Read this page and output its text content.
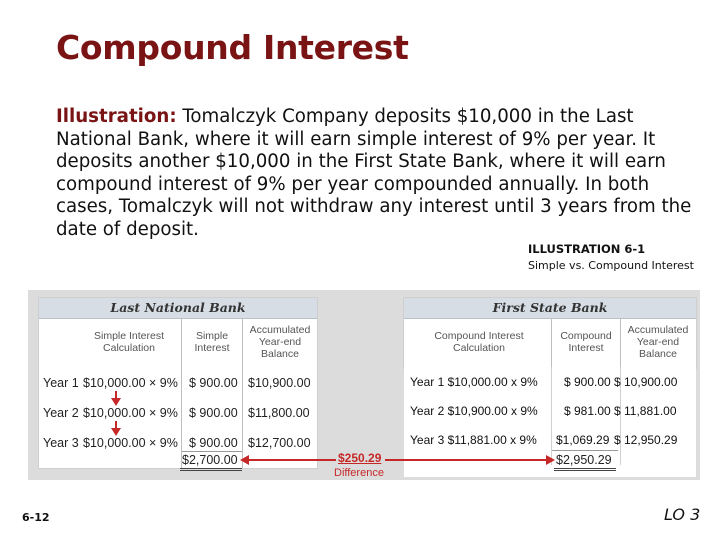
Compound Interest
Illustration: Tomalczyk Company deposits $10,000 in the Last National Bank, where it will earn simple interest of 9% per year. It deposits another $10,000 in the First State Bank, where it will earn compound interest of 9% per year compounded annually. In both cases, Tomalczyk will not withdraw any interest until 3 years from the date of deposit.
ILLUSTRATION 6-1
Simple vs. Compound Interest
Last National Bank
Simple Interest
Calculation
Simple
Interest
Accumulated
Year-end
Balance
Year 1 $10,000.00 × 9% $ 900.00 $10,900.00
Year 2 $10,000.00 × 9% $ 900.00 $11,800.00
Year 3 $10,000.00 × 9% $ 900.00 $12,700.00
$2,700.00
First State Bank
Compound Interest
Calculation
Compound
Interest
Accumulated
Year-end
Balance
Year 1 $10,000.00 x 9% $ 900.00 $ 10,900.00
Year 2 $10,900.00 x 9% $ 981.00 $ 11,881.00
Year 3 $11,881.00 x 9% $1,069.29 $ 12,950.29
$2,950.29
$250.29
Difference
6-12	LO 3
